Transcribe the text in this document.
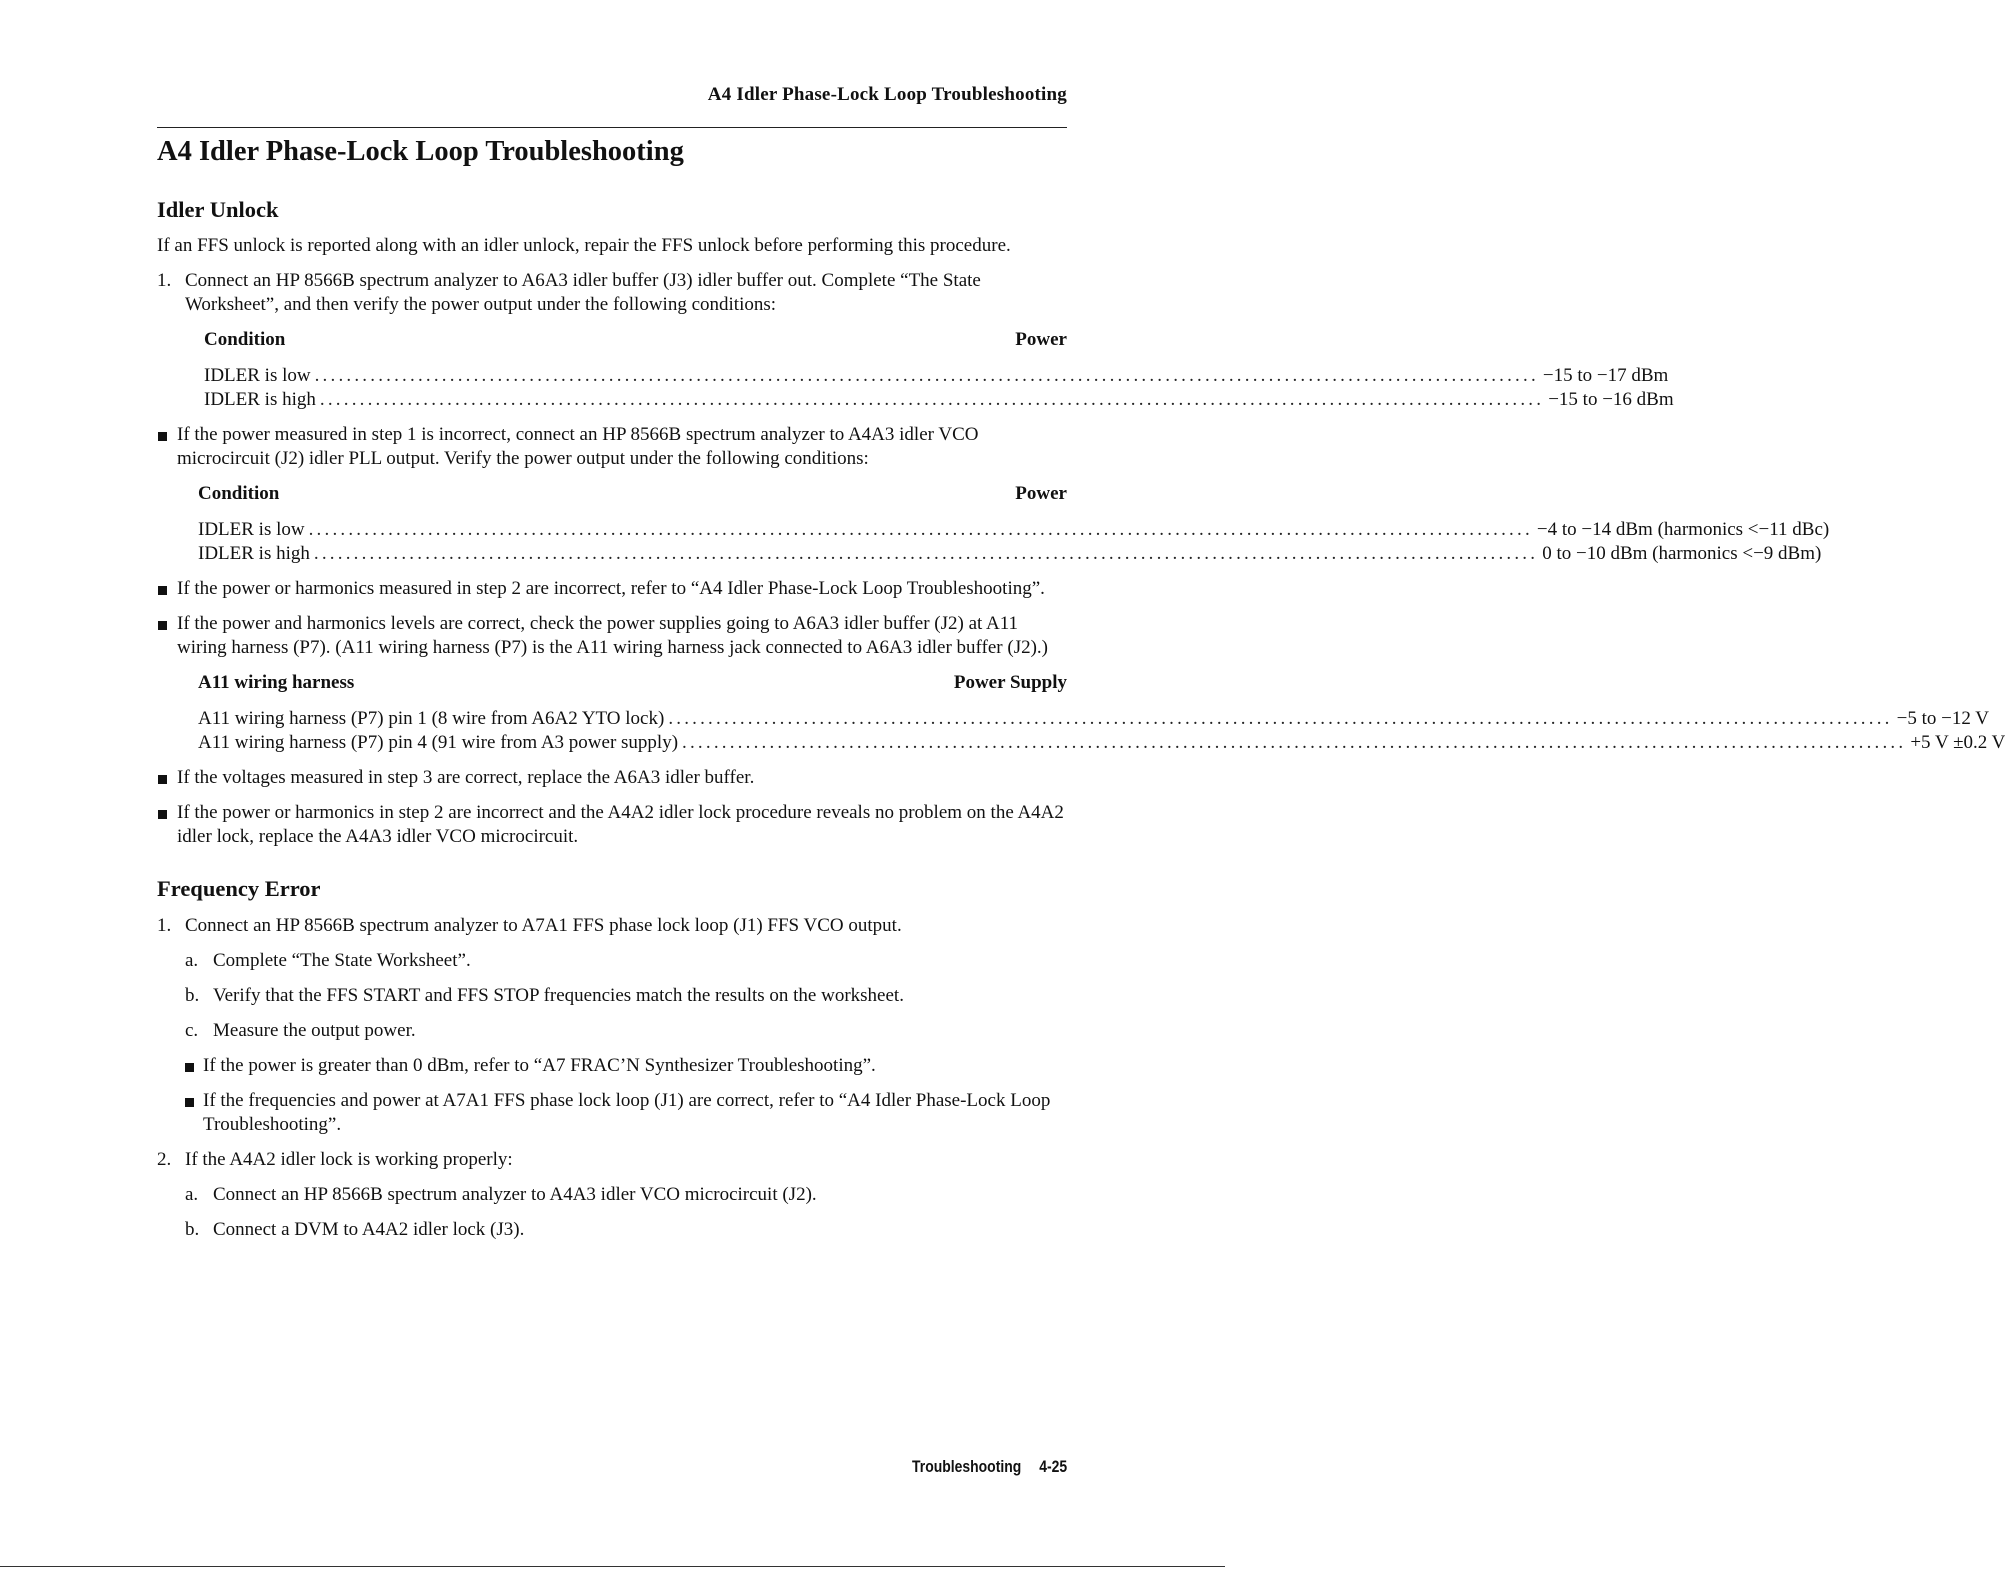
A4 Idler Phase-Lock Loop Troubleshooting
A4 Idler Phase-Lock Loop Troubleshooting
Idler Unlock

If an FFS unlock is reported along with an idler unlock, repair the FFS unlock before performing this procedure.

1. Connect an HP 8566B spectrum analyzer to A6A3 idler buffer (J3) idler buffer out. Complete “The State Worksheet”, and then verify the power output under the following conditions:
Condition	Power
IDLER is low .......................................................................................................................................................... −15 to −17 dBm
IDLER is high .......................................................................................................................................................... −15 to −16 dBm
If the power measured in step 1 is incorrect, connect an HP 8566B spectrum analyzer to A4A3 idler VCO microcircuit (J2) idler PLL output. Verify the power output under the following conditions:
Condition	Power
IDLER is low .......................................................................................................................................................... −4 to −14 dBm (harmonics <−11 dBc)
IDLER is high .......................................................................................................................................................... 0 to −10 dBm (harmonics <−9 dBm)
If the power or harmonics measured in step 2 are incorrect, refer to “A4 Idler Phase-Lock Loop Troubleshooting”.
If the power and harmonics levels are correct, check the power supplies going to A6A3 idler buffer (J2) at A11 wiring harness (P7). (A11 wiring harness (P7) is the A11 wiring harness jack connected to A6A3 idler buffer (J2).)
A11 wiring harness	Power Supply
A11 wiring harness (P7) pin 1 (8 wire from A6A2 YTO lock) .......................................................................................................................................................... −5 to −12 V
A11 wiring harness (P7) pin 4 (91 wire from A3 power supply) .......................................................................................................................................................... +5 V ±0.2 V
If the voltages measured in step 3 are correct, replace the A6A3 idler buffer.
If the power or harmonics in step 2 are incorrect and the A4A2 idler lock procedure reveals no problem on the A4A2 idler lock, replace the A4A3 idler VCO microcircuit.
Frequency Error
1. Connect an HP 8566B spectrum analyzer to A7A1 FFS phase lock loop (J1) FFS VCO output.
a. Complete “The State Worksheet”.
b. Verify that the FFS START and FFS STOP frequencies match the results on the worksheet.
c. Measure the output power.
If the power is greater than 0 dBm, refer to “A7 FRAC’N Synthesizer Troubleshooting”.
If the frequencies and power at A7A1 FFS phase lock loop (J1) are correct, refer to “A4 Idler Phase-Lock Loop Troubleshooting”.
2. If the A4A2 idler lock is working properly:
a. Connect an HP 8566B spectrum analyzer to A4A3 idler VCO microcircuit (J2).
b. Connect a DVM to A4A2 idler lock (J3).
Troubleshooting 4-25
